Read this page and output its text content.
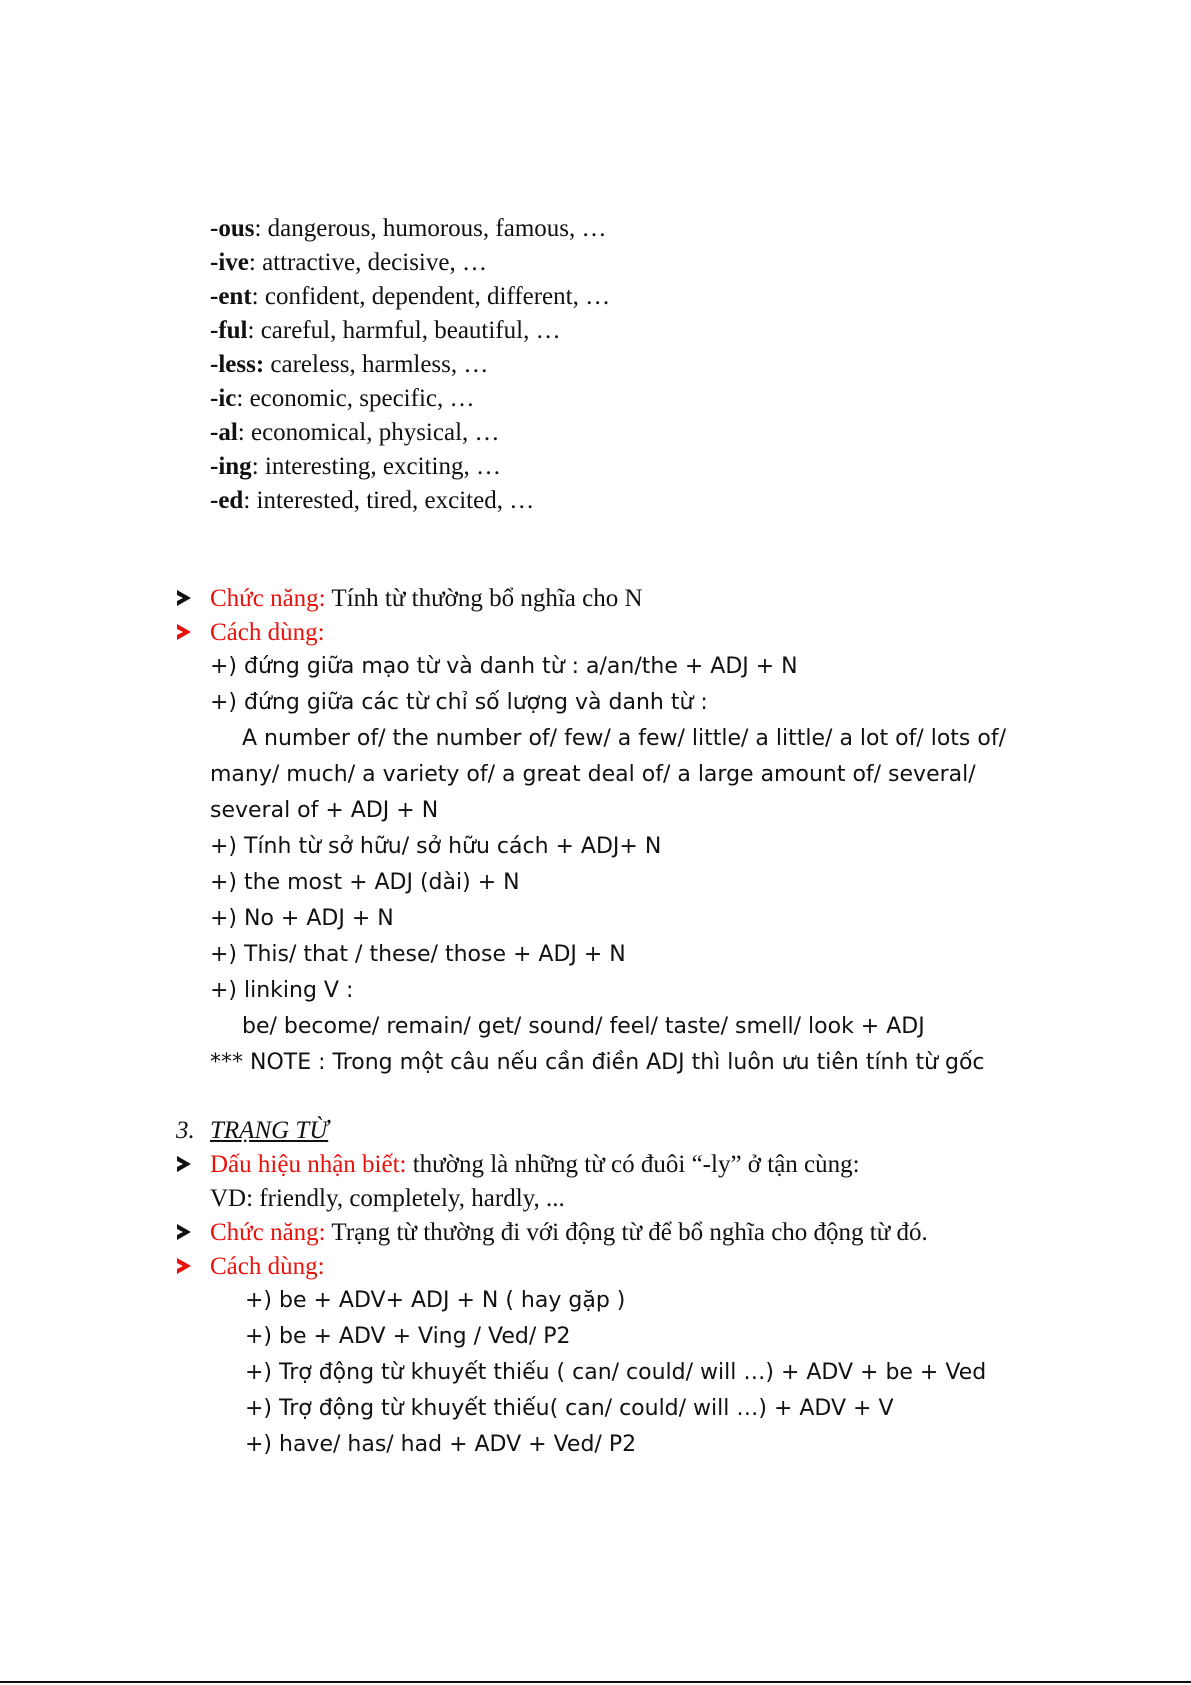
-ous: dangerous, humorous, famous, …
-ive: attractive, decisive, …
-ent: confident, dependent, different, …
-ful: careful, harmful, beautiful, …
-less: careless, harmless, …
-ic: economic, specific, …
-al: economical, physical, …
-ing: interesting, exciting, …
-ed: interested, tired, excited, …
Chức năng: Tính từ thường bổ nghĩa cho N
Cách dùng:
+) đứng giữa mạo từ và danh từ : a/an/the + ADJ + N
+) đứng giữa các từ chỉ số lượng và danh từ :
A number of/ the number of/ few/ a few/ little/ a little/ a lot of/ lots of/
many/ much/ a variety of/ a great deal of/ a large amount of/ several/
several of + ADJ + N
+) Tính từ sở hữu/ sở hữu cách + ADJ+ N
+) the most + ADJ (dài) + N
+) No + ADJ + N
+) This/ that / these/ those + ADJ + N
+) linking V :
be/ become/ remain/ get/ sound/ feel/ taste/ smell/ look + ADJ
*** NOTE : Trong một câu nếu cần điền ADJ thì luôn ưu tiên tính từ gốc
3. TRẠNG TỪ
Dấu hiệu nhận biết: thường là những từ có đuôi “-ly” ở tận cùng:
VD: friendly, completely, hardly, ...
Chức năng: Trạng từ thường đi với động từ để bổ nghĩa cho động từ đó.
Cách dùng:
+) be + ADV+ ADJ + N ( hay gặp )
+) be + ADV + Ving / Ved/ P2
+) Trợ động từ khuyết thiếu ( can/ could/ will …) + ADV + be + Ved
+) Trợ động từ khuyết thiếu( can/ could/ will …) + ADV + V
+) have/ has/ had + ADV + Ved/ P2
